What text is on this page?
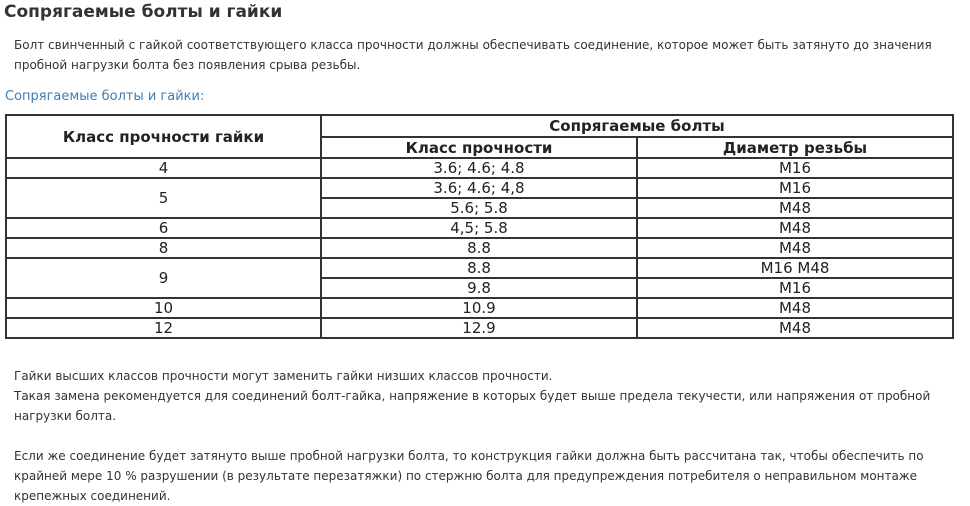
Сопрягаемые болты и гайки

Болт свинченный с гайкой соответствующего класса прочности должны обеспечивать соединение, которое может быть затянуто до значения пробной нагрузки болта без появления срыва резьбы.

Сопрягаемые болты и гайки:

Класс прочности гайки	Сопрягаемые болты	
	Класс прочности	Диаметр резьбы
4	3.6; 4.6; 4.8	М16
5	3.6; 4.6; 4,8	М16
	5.6; 5.8	М48
6	4,5; 5.8	М48
8	8.8	М48
9	8.8	М16 М48
	9.8	М16
10	10.9	М48
12	12.9	М48

Гайки высших классов прочности могут заменить гайки низших классов прочности.

Такая замена рекомендуется для соединений болт-гайка, напряжение в которых будет выше предела текучести, или напряжения от пробной нагрузки болта.

Если же соединение будет затянуто выше пробной нагрузки болта, то конструкция гайки должна быть рассчитана так, чтобы обеспечить по крайней мере 10 % разрушении (в результате перезатяжки) по стержню болта для предупреждения потребителя о неправильном монтаже крепежных соединений.
